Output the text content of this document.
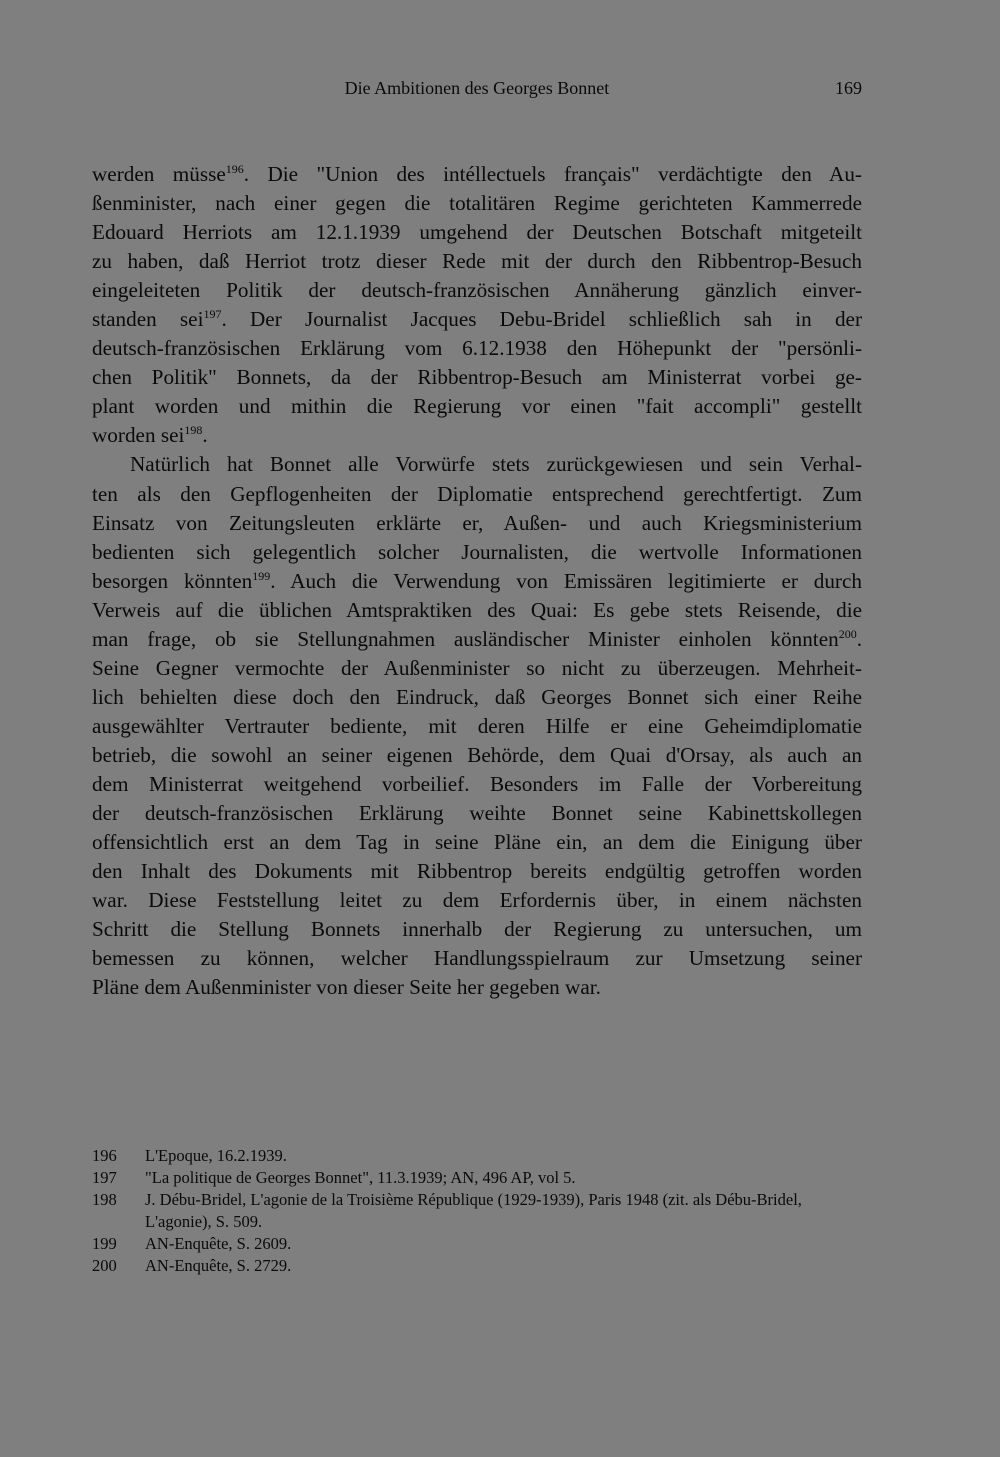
Die Ambitionen des Georges Bonnet	169
werden müsse$^{196}$. Die "Union des intéllectuels français" verdächtigte den Au-
ßenminister, nach einer gegen die totalitären Regime gerichteten Kammerrede
Edouard Herriots am 12.1.1939 umgehend der Deutschen Botschaft mitgeteilt
zu haben, daß Herriot trotz dieser Rede mit der durch den Ribbentrop-Besuch
eingeleiteten Politik der deutsch-französischen Annäherung gänzlich einver-
standen sei$^{197}$. Der Journalist Jacques Debu-Bridel schließlich sah in der
deutsch-französischen Erklärung vom 6.12.1938 den Höhepunkt der "persönli-
chen Politik" Bonnets, da der Ribbentrop-Besuch am Ministerrat vorbei ge-
plant worden und mithin die Regierung vor einen "fait accompli" gestellt
worden sei$^{198}$.
Natürlich hat Bonnet alle Vorwürfe stets zurückgewiesen und sein Verhal-
ten als den Gepflogenheiten der Diplomatie entsprechend gerechtfertigt. Zum
Einsatz von Zeitungsleuten erklärte er, Außen- und auch Kriegsministerium
bedienten sich gelegentlich solcher Journalisten, die wertvolle Informationen
besorgen könnten$^{199}$. Auch die Verwendung von Emissären legitimierte er durch
Verweis auf die üblichen Amtspraktiken des Quai: Es gebe stets Reisende, die
man frage, ob sie Stellungnahmen ausländischer Minister einholen könnten$^{200}$.
Seine Gegner vermochte der Außenminister so nicht zu überzeugen. Mehrheit-
lich behielten diese doch den Eindruck, daß Georges Bonnet sich einer Reihe
ausgewählter Vertrauter bediente, mit deren Hilfe er eine Geheimdiplomatie
betrieb, die sowohl an seiner eigenen Behörde, dem Quai d'Orsay, als auch an
dem Ministerrat weitgehend vorbeilief. Besonders im Falle der Vorbereitung
der deutsch-französischen Erklärung weihte Bonnet seine Kabinettskollegen
offensichtlich erst an dem Tag in seine Pläne ein, an dem die Einigung über
den Inhalt des Dokuments mit Ribbentrop bereits endgültig getroffen worden
war. Diese Feststellung leitet zu dem Erfordernis über, in einem nächsten
Schritt die Stellung Bonnets innerhalb der Regierung zu untersuchen, um
bemessen zu können, welcher Handlungsspielraum zur Umsetzung seiner
Pläne dem Außenminister von dieser Seite her gegeben war.
196	L'Epoque, 16.2.1939.
197	"La politique de Georges Bonnet", 11.3.1939; AN, 496 AP, vol 5.
198	J. Débu-Bridel, L'agonie de la Troisième République (1929-1939), Paris 1948 (zit. als Débu-Bridel, L'agonie), S. 509.
199	AN-Enquête, S. 2609.
200	AN-Enquête, S. 2729.
